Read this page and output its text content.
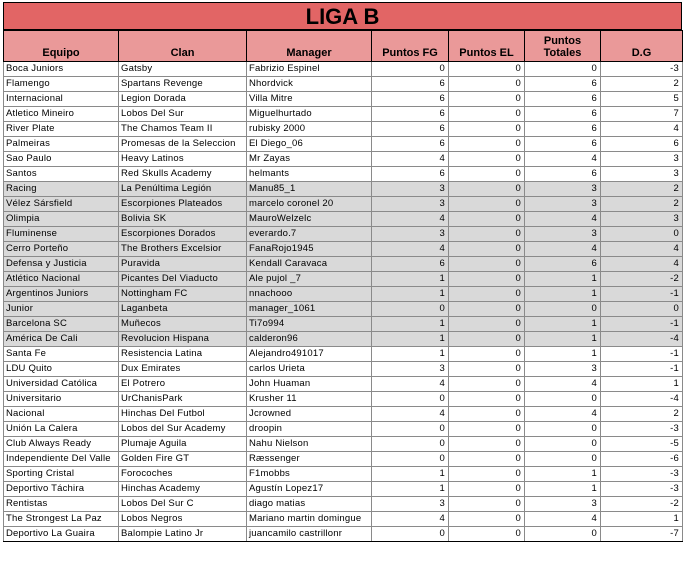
LIGA B
Equipo	Clan	Manager	Puntos FG	Puntos EL	Puntos Totales	D.G
Boca Juniors	Gatsby	Fabrizio Espinel	0	0	0	-3
Flamengo	Spartans Revenge	Nhordvick	6	0	6	2
Internacional	Legion Dorada	Villa Mitre	6	0	6	5
Atletico Mineiro	Lobos Del Sur	Miguelhurtado	6	0	6	7
River Plate	The Chamos Team II	rubisky 2000	6	0	6	4
Palmeiras	Promesas de la Seleccion	El Diego_06	6	0	6	6
Sao Paulo	Heavy Latinos	Mr Zayas	4	0	4	3
Santos	Red Skulls Academy	helmants	6	0	6	3
Racing	La Penúltima Legión	Manu85_1	3	0	3	2
Vélez Sársfield	Escorpiones Plateados	marcelo coronel 20	3	0	3	2
Olimpia	Bolivia SK	MauroWelzelc	4	0	4	3
Fluminense	Escorpiones Dorados	everardo.7	3	0	3	0
Cerro Porteño	The Brothers Excelsior	FanaRojo1945	4	0	4	4
Defensa y Justicia	Puravida	Kendall Caravaca	6	0	6	4
Atlético Nacional	Picantes Del Viaducto	Ale pujol _7	1	0	1	-2
Argentinos Juniors	Nottingham FC	nnachooo	1	0	1	-1
Junior	Laganbeta	manager_1061	0	0	0	0
Barcelona SC	Muñecos	Ti7o994	1	0	1	-1
América De Cali	Revolucion Hispana	calderon96	1	0	1	-4
Santa Fe	Resistencia Latina	Alejandro491017	1	0	1	-1
LDU Quito	Dux Emirates	carlos Urieta	3	0	3	-1
Universidad Católica	El Potrero	John Huaman	4	0	4	1
Universitario	UrChanisPark	Krusher 11	0	0	0	-4
Nacional	Hinchas Del Futbol	Jcrowned	4	0	4	2
Unión La Calera	Lobos del Sur Academy	droopin	0	0	0	-3
Club Always Ready	Plumaje Aguila	Nahu Nielson	0	0	0	-5
Independiente Del Valle	Golden Fire GT	Ræssenger	0	0	0	-6
Sporting Cristal	Forocoches	F1mobbs	1	0	1	-3
Deportivo Táchira	Hinchas Academy	Agustín Lopez17	1	0	1	-3
Rentistas	Lobos Del Sur C	diago matias	3	0	3	-2
The Strongest La Paz	Lobos Negros	Mariano martin domingue	4	0	4	1
Deportivo La Guaira	Balompie Latino Jr	juancamilo castrillonr	0	0	0	-7
